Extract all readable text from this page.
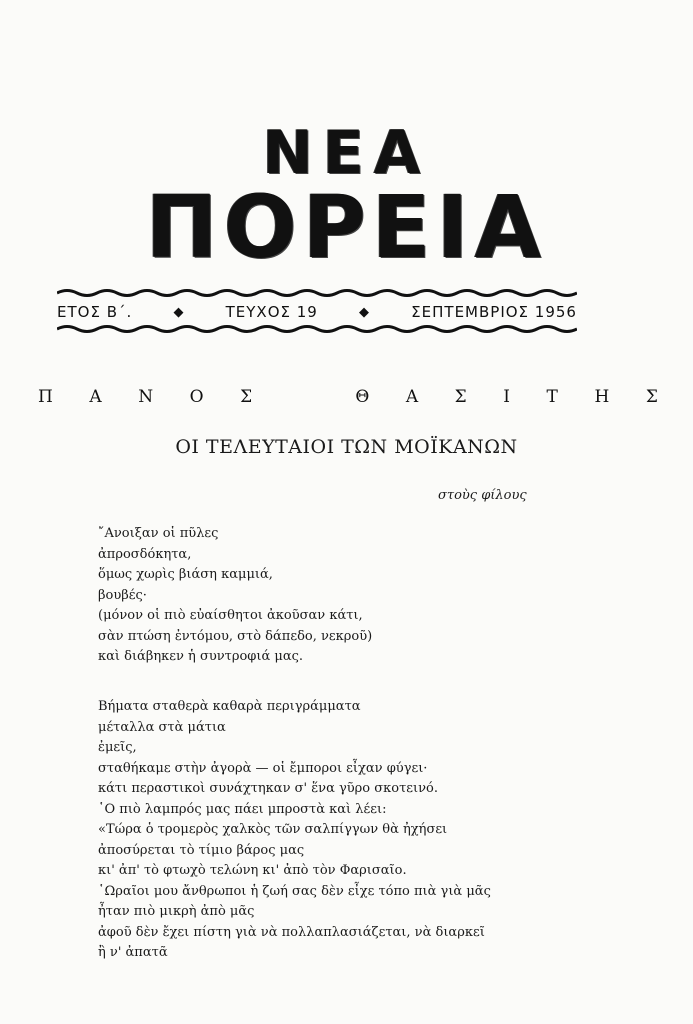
ΝΕΑ
ΠΟΡΕΙΑ
ΕΤΟΣ Β΄.	◆	ΤΕΥΧΟΣ 19	◆	ΣΕΠΤΕΜΒΡΙΟΣ 1956
Π Α Ν Ο Σ	Θ Α Σ Ι Τ Η Σ
ΟΙ ΤΕΛΕΥΤΑΙΟΙ ΤΩΝ ΜΟΪΚΑΝΩΝ
στοὺς φίλους
῎Ανοιξαν οἱ πῦλες
ἀπροσδόκητα,
ὅμως χωρὶς βιάση καμμιά,
βουβές·
(μόνον οἱ πιὸ εὐαίσθητοι ἀκοῦσαν κάτι,
σὰν πτώση ἐντόμου, στὸ δάπεδο, νεκροῦ)
καὶ διάβηκεν ἡ συντροφιά μας.
Βήματα σταθερὰ καθαρὰ περιγράμματα
μέταλλα στὰ μάτια
ἐμεῖς,
σταθήκαμε στὴν ἀγορὰ — οἱ ἔμποροι εἶχαν φύγει·
κάτι περαστικοὶ συνάχτηκαν σ' ἕνα γῦρο σκοτεινό.
῾Ο πιὸ λαμπρός μας πάει μπροστὰ καὶ λέει:
«Τώρα ὁ τρομερὸς χαλκὸς τῶν σαλπίγγων θὰ ἠχήσει
ἀποσύρεται τὸ τίμιο βάρος μας
κι' ἀπ' τὸ φτωχὸ τελώνη κι' ἀπὸ τὸν Φαρισαῖο.
῾Ωραῖοι μου ἄνθρωποι ἡ ζωή σας δὲν εἶχε τόπο πιὰ γιὰ μᾶς
ἦταν πιὸ μικρὴ ἀπὸ μᾶς
ἀφοῦ δὲν ἔχει πίστη γιὰ νὰ πολλαπλασιάζεται, νὰ διαρκεῖ
ἢ ν' ἀπατᾶ
